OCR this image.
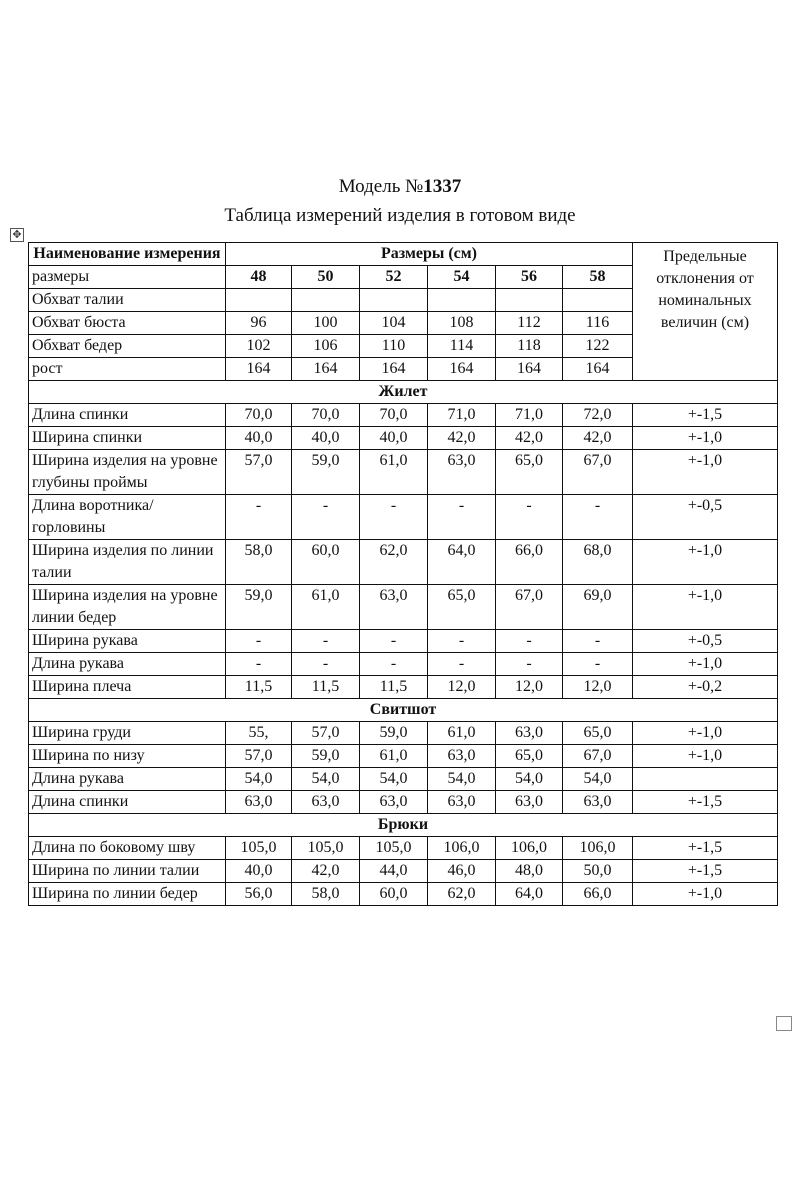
Модель №1337
Таблица измерений изделия в готовом виде
✥
Наименование измерения	Размеры (см)						Предельные отклонения от номинальных величин (см)
размеры	48	50	52	54	56	58	
Обхват талии							
Обхват бюста	96	100	104	108	112	116	
Обхват бедер	102	106	110	114	118	122	
рост	164	164	164	164	164	164	
Жилет							
Длина спинки	70,0	70,0	70,0	71,0	71,0	72,0	+-1,5
Ширина спинки	40,0	40,0	40,0	42,0	42,0	42,0	+-1,0
Ширина изделия на уровне глубины проймы	57,0	59,0	61,0	63,0	65,0	67,0	+-1,0
Длина воротника/горловины	-	-	-	-	-	-	+-0,5
Ширина изделия по линии талии	58,0	60,0	62,0	64,0	66,0	68,0	+-1,0
Ширина изделия на уровне линии бедер	59,0	61,0	63,0	65,0	67,0	69,0	+-1,0
Ширина рукава	-	-	-	-	-	-	+-0,5
Длина рукава	-	-	-	-	-	-	+-1,0
Ширина плеча	11,5	11,5	11,5	12,0	12,0	12,0	+-0,2
Свитшот							
Ширина груди	55,	57,0	59,0	61,0	63,0	65,0	+-1,0
Ширина по низу	57,0	59,0	61,0	63,0	65,0	67,0	+-1,0
Длина рукава	54,0	54,0	54,0	54,0	54,0	54,0	
Длина спинки	63,0	63,0	63,0	63,0	63,0	63,0	+-1,5
Брюки							
Длина по боковому шву	105,0	105,0	105,0	106,0	106,0	106,0	+-1,5
Ширина по линии талии	40,0	42,0	44,0	46,0	48,0	50,0	+-1,5
Ширина по линии бедер	56,0	58,0	60,0	62,0	64,0	66,0	+-1,0
